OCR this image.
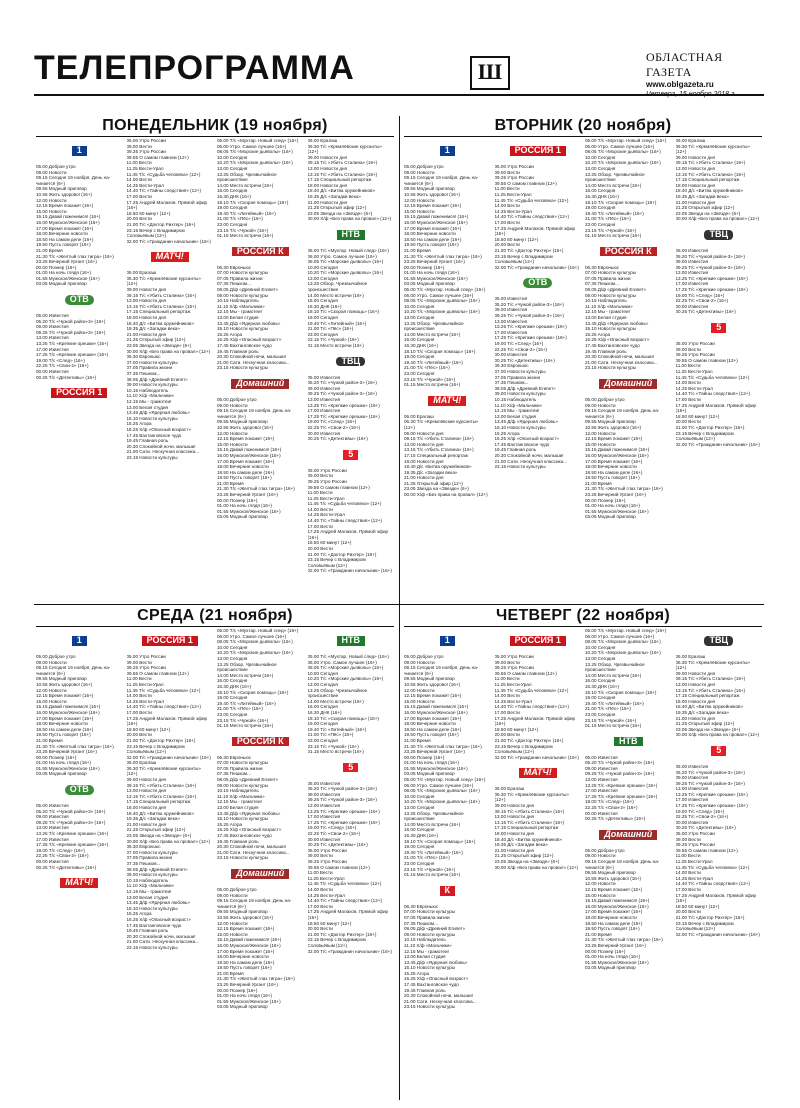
ТЕЛЕПРОГРАММА	Ш
ОБЛАСТНАЯ ГАЗЕТА
www.oblgazeta.ru
Четверг, 15 ноября 2018 г.
ПОНЕДЕЛЬНИК (19 ноября)
1
05.00 Доброе утро
09.00 Новости
09.15 Сегодня 19 ноября. День на-
чинается (6+)
09.55 Модный приговор
10.55 Жить здорово! (16+)
12.00 Новости
12.15 Время покажет (16+)
15.00 Новости
15.15 Давай поженимся! (16+)
16.00 Мужское/Женское (16+)
17.00 Время покажет (16+)
18.00 Вечерние новости
18.50 На самом деле (16+)
19.50 Пусть говорят (16+)
21.00 Время
21.30 Т/с «Желтый глаз тигра» (16+)
23.25 Вечерний Ургант (16+)
00.00 Познер (16+)
01.00 На ночь глядя (16+)
01.55 Мужское/Женское (16+)
03.05 Модный приговор
ОТВ
05.00 Известия
05.20 Т/с «Чужой район-3» (16+)
09.00 Известия
09.25 Т/с «Чужой район-3» (16+)
13.00 Известия
13.25 Т/с «Крепкие орешки» (16+)
17.00 Известия
17.25 Т/с «Крепкие орешки» (16+)
19.00 Т/с «След» (16+)
22.25 Т/с «Свои-2» (16+)
00.00 Известия
00.25 Т/с «Детективы» (16+)
РОССИЯ 1
05.00 Утро России
09.00 Вести
09.25 Утро России
09.55 О самом главном (12+)
11.00 Вести
11.25 Вести-Урал
11.45 Т/с «Судьба человека» (12+)
14.00 Вести
14.25 Вести-Урал
14.40 Т/с «Тайны следствия» (12+)
17.00 Вести
17.25 Андрей Малахов. Прямой эфир (16+)
18.50 60 минут (12+)
20.00 Вести
21.00 Т/с «Доктор Рихтер» (16+)
23.15 Вечер с Владимиром Соловьёвым (12+)
02.00 Т/с «Гражданин начальник» (16+)
МАТЧ!
06.00 Ералаш
06.30 Т/с «Кремлёвские курсанты» (12+)
09.00 Новости дня
09.15 Т/с «Убить Сталина» (16+)
13.00 Новости дня
13.15 Т/с «Убить Сталина» (16+)
17.15 Специальный репортаж
18.00 Новости дня
18.40 Д/с «Битва оружейников»
19.35 Д/с «Загадки века»
21.00 Новости дня
21.25 Открытый эфир (12+)
23.05 Звезда на «Звезде» (6+)
00.00 Х/ф «Без права на провал» (12+)
06.30 Евроньюс
07.00 Новости культуры
07.05 Правила жизни
07.35 Пешком...
08.05 Д/ф «Древний Египет»
09.00 Новости культуры
10.15 Наблюдатель
11.10 Х/ф «Мальчики»
12.15 Мы - грамотеи!
13.00 Белая студия
13.45 Д/ф «Ядерная любовь»
15.10 Новости культуры
15.25 Агора
16.25 Х/ф «Опасный возраст»
17.45 Вахтанговское чудо
19.45 Главная роль
20.30 Спокойной ночи, малыши!
21.00 Сати. Нескучная классика...
23.15 Новости культуры
05.00 Т/с «Мухтар. Новый след» (16+)
06.00 Утро. Самое лучшее (16+)
08.05 Т/с «Морские дьяволы» (16+)
10.00 Сегодня
10.20 Т/с «Морские дьяволы» (16+)
13.00 Сегодня
13.25 Обзор. Чрезвычайное происшествие
14.00 Место встречи (16+)
16.00 Сегодня
16.30 ДНК (16+)
18.10 Т/с «Скорая помощь» (16+)
19.00 Сегодня
19.40 Т/с «Литейный» (16+)
21.00 Т/с «Пёс» (16+)
23.00 Сегодня
23.15 Т/с «Чужой» (16+)
01.15 Место встречи (16+)
РОССИЯ К
06.30 Евроньюс
07.00 Новости культуры
07.05 Правила жизни
07.35 Пешком...
08.05 Д/ф «Древний Египет»
09.00 Новости культуры
10.15 Наблюдатель
11.10 Х/ф «Мальчики»
12.15 Мы - грамотеи!
13.00 Белая студия
13.45 Д/ф «Ядерная любовь»
15.10 Новости культуры
15.25 Агора
16.25 Х/ф «Опасный возраст»
17.45 Вахтанговское чудо
19.45 Главная роль
20.30 Спокойной ночи, малыши!
21.00 Сати. Нескучная классика...
23.15 Новости культуры
Домашний
05.00 Доброе утро
09.00 Новости
09.15 Сегодня 19 ноября. День на-
чинается (6+)
09.55 Модный приговор
10.55 Жить здорово! (16+)
12.00 Новости
12.15 Время покажет (16+)
15.00 Новости
15.15 Давай поженимся! (16+)
16.00 Мужское/Женское (16+)
17.00 Время покажет (16+)
18.00 Вечерние новости
18.50 На самом деле (16+)
19.50 Пусть говорят (16+)
21.00 Время
21.30 Т/с «Желтый глаз тигра» (16+)
23.25 Вечерний Ургант (16+)
00.00 Познер (16+)
01.00 На ночь глядя (16+)
01.55 Мужское/Женское (16+)
03.05 Модный приговор
06.00 Ералаш
06.30 Т/с «Кремлёвские курсанты» (12+)
09.00 Новости дня
09.15 Т/с «Убить Сталина» (16+)
13.00 Новости дня
13.15 Т/с «Убить Сталина» (16+)
17.15 Специальный репортаж
18.00 Новости дня
18.40 Д/с «Битва оружейников»
19.35 Д/с «Загадки века»
21.00 Новости дня
21.25 Открытый эфир (12+)
23.05 Звезда на «Звезде» (6+)
00.00 Х/ф «Без права на провал» (12+)
НТВ
05.00 Т/с «Мухтар. Новый след» (16+)
06.00 Утро. Самое лучшее (16+)
08.05 Т/с «Морские дьяволы» (16+)
10.00 Сегодня
10.20 Т/с «Морские дьяволы» (16+)
13.00 Сегодня
13.25 Обзор. Чрезвычайное происшествие
14.00 Место встречи (16+)
16.00 Сегодня
16.30 ДНК (16+)
18.10 Т/с «Скорая помощь» (16+)
19.00 Сегодня
19.40 Т/с «Литейный» (16+)
21.00 Т/с «Пёс» (16+)
23.00 Сегодня
23.15 Т/с «Чужой» (16+)
01.15 Место встречи (16+)
ТВЦ
05.00 Известия
05.20 Т/с «Чужой район-3» (16+)
09.00 Известия
09.25 Т/с «Чужой район-3» (16+)
13.00 Известия
13.25 Т/с «Крепкие орешки» (16+)
17.00 Известия
17.25 Т/с «Крепкие орешки» (16+)
19.00 Т/с «След» (16+)
22.25 Т/с «Свои-2» (16+)
00.00 Известия
00.25 Т/с «Детективы» (16+)
5
05.00 Утро России
09.00 Вести
09.25 Утро России
09.55 О самом главном (12+)
11.00 Вести
11.25 Вести-Урал
11.45 Т/с «Судьба человека» (12+)
14.00 Вести
14.25 Вести-Урал
14.40 Т/с «Тайны следствия» (12+)
17.00 Вести
17.25 Андрей Малахов. Прямой эфир (16+)
18.50 60 минут (12+)
20.00 Вести
21.00 Т/с «Доктор Рихтер» (16+)
23.15 Вечер с Владимиром Соловьёвым (12+)
02.00 Т/с «Гражданин начальник» (16+)
ВТОРНИК (20 ноября)
1
05.00 Доброе утро
09.00 Новости
09.15 Сегодня 19 ноября. День на-
чинается (6+)
09.55 Модный приговор
10.55 Жить здорово! (16+)
12.00 Новости
12.15 Время покажет (16+)
15.00 Новости
15.15 Давай поженимся! (16+)
16.00 Мужское/Женское (16+)
17.00 Время покажет (16+)
18.00 Вечерние новости
18.50 На самом деле (16+)
19.50 Пусть говорят (16+)
21.00 Время
21.30 Т/с «Желтый глаз тигра» (16+)
23.25 Вечерний Ургант (16+)
00.00 Познер (16+)
01.00 На ночь глядя (16+)
01.55 Мужское/Женское (16+)
03.05 Модный приговор
05.00 Т/с «Мухтар. Новый след» (16+)
06.00 Утро. Самое лучшее (16+)
08.05 Т/с «Морские дьяволы» (16+)
10.00 Сегодня
10.20 Т/с «Морские дьяволы» (16+)
13.00 Сегодня
13.25 Обзор. Чрезвычайное происшествие
14.00 Место встречи (16+)
16.00 Сегодня
16.30 ДНК (16+)
18.10 Т/с «Скорая помощь» (16+)
19.00 Сегодня
19.40 Т/с «Литейный» (16+)
21.00 Т/с «Пёс» (16+)
23.00 Сегодня
23.15 Т/с «Чужой» (16+)
01.15 Место встречи (16+)
МАТЧ!
06.00 Ералаш
06.30 Т/с «Кремлёвские курсанты» (12+)
09.00 Новости дня
09.15 Т/с «Убить Сталина» (16+)
13.00 Новости дня
13.15 Т/с «Убить Сталина» (16+)
17.15 Специальный репортаж
18.00 Новости дня
18.40 Д/с «Битва оружейников»
19.35 Д/с «Загадки века»
21.00 Новости дня
21.25 Открытый эфир (12+)
23.05 Звезда на «Звезде» (6+)
00.00 Х/ф «Без права на провал» (12+)
РОССИЯ 1
05.00 Утро России
09.00 Вести
09.25 Утро России
09.55 О самом главном (12+)
11.00 Вести
11.25 Вести-Урал
11.45 Т/с «Судьба человека» (12+)
14.00 Вести
14.25 Вести-Урал
14.40 Т/с «Тайны следствия» (12+)
17.00 Вести
17.25 Андрей Малахов. Прямой эфир (16+)
18.50 60 минут (12+)
20.00 Вести
21.00 Т/с «Доктор Рихтер» (16+)
23.15 Вечер с Владимиром Соловьёвым (12+)
02.00 Т/с «Гражданин начальник» (16+)
ОТВ
05.00 Известия
05.20 Т/с «Чужой район-3» (16+)
09.00 Известия
09.25 Т/с «Чужой район-3» (16+)
13.00 Известия
13.25 Т/с «Крепкие орешки» (16+)
17.00 Известия
17.25 Т/с «Крепкие орешки» (16+)
19.00 Т/с «След» (16+)
22.25 Т/с «Свои-2» (16+)
00.00 Известия
00.25 Т/с «Детективы» (16+)
06.30 Евроньюс
07.00 Новости культуры
07.05 Правила жизни
07.35 Пешком...
08.05 Д/ф «Древний Египет»
09.00 Новости культуры
10.15 Наблюдатель
11.10 Х/ф «Мальчики»
12.15 Мы - грамотеи!
13.00 Белая студия
13.45 Д/ф «Ядерная любовь»
15.10 Новости культуры
15.25 Агора
16.25 Х/ф «Опасный возраст»
17.45 Вахтанговское чудо
19.45 Главная роль
20.30 Спокойной ночи, малыши!
21.00 Сати. Нескучная классика...
23.15 Новости культуры
05.00 Т/с «Мухтар. Новый след» (16+)
06.00 Утро. Самое лучшее (16+)
08.05 Т/с «Морские дьяволы» (16+)
10.00 Сегодня
10.20 Т/с «Морские дьяволы» (16+)
13.00 Сегодня
13.25 Обзор. Чрезвычайное происшествие
14.00 Место встречи (16+)
16.00 Сегодня
16.30 ДНК (16+)
18.10 Т/с «Скорая помощь» (16+)
19.00 Сегодня
19.40 Т/с «Литейный» (16+)
21.00 Т/с «Пёс» (16+)
23.00 Сегодня
23.15 Т/с «Чужой» (16+)
01.15 Место встречи (16+)
РОССИЯ К
06.30 Евроньюс
07.00 Новости культуры
07.05 Правила жизни
07.35 Пешком...
08.05 Д/ф «Древний Египет»
09.00 Новости культуры
10.15 Наблюдатель
11.10 Х/ф «Мальчики»
12.15 Мы - грамотеи!
13.00 Белая студия
13.45 Д/ф «Ядерная любовь»
15.10 Новости культуры
15.25 Агора
16.25 Х/ф «Опасный возраст»
17.45 Вахтанговское чудо
19.45 Главная роль
20.30 Спокойной ночи, малыши!
21.00 Сати. Нескучная классика...
23.15 Новости культуры
Домашний
05.00 Доброе утро
09.00 Новости
09.15 Сегодня 19 ноября. День на-
чинается (6+)
09.55 Модный приговор
10.55 Жить здорово! (16+)
12.00 Новости
12.15 Время покажет (16+)
15.00 Новости
15.15 Давай поженимся! (16+)
16.00 Мужское/Женское (16+)
17.00 Время покажет (16+)
18.00 Вечерние новости
18.50 На самом деле (16+)
19.50 Пусть говорят (16+)
21.00 Время
21.30 Т/с «Желтый глаз тигра» (16+)
23.25 Вечерний Ургант (16+)
00.00 Познер (16+)
01.00 На ночь глядя (16+)
01.55 Мужское/Женское (16+)
03.05 Модный приговор
06.00 Ералаш
06.30 Т/с «Кремлёвские курсанты» (12+)
09.00 Новости дня
09.15 Т/с «Убить Сталина» (16+)
13.00 Новости дня
13.15 Т/с «Убить Сталина» (16+)
17.15 Специальный репортаж
18.00 Новости дня
18.40 Д/с «Битва оружейников»
19.35 Д/с «Загадки века»
21.00 Новости дня
21.25 Открытый эфир (12+)
23.05 Звезда на «Звезде» (6+)
00.00 Х/ф «Без права на провал» (12+)
ТВЦ
05.00 Известия
05.20 Т/с «Чужой район-3» (16+)
09.00 Известия
09.25 Т/с «Чужой район-3» (16+)
13.00 Известия
13.25 Т/с «Крепкие орешки» (16+)
17.00 Известия
17.25 Т/с «Крепкие орешки» (16+)
19.00 Т/с «След» (16+)
22.25 Т/с «Свои-2» (16+)
00.00 Известия
00.25 Т/с «Детективы» (16+)
5
05.00 Утро России
09.00 Вести
09.25 Утро России
09.55 О самом главном (12+)
11.00 Вести
11.25 Вести-Урал
11.45 Т/с «Судьба человека» (12+)
14.00 Вести
14.25 Вести-Урал
14.40 Т/с «Тайны следствия» (12+)
17.00 Вести
17.25 Андрей Малахов. Прямой эфир (16+)
18.50 60 минут (12+)
20.00 Вести
21.00 Т/с «Доктор Рихтер» (16+)
23.15 Вечер с Владимиром Соловьёвым (12+)
02.00 Т/с «Гражданин начальник» (16+)
СРЕДА (21 ноября)
1
05.00 Доброе утро
09.00 Новости
09.15 Сегодня 19 ноября. День на-
чинается (6+)
09.55 Модный приговор
10.55 Жить здорово! (16+)
12.00 Новости
12.15 Время покажет (16+)
15.00 Новости
15.15 Давай поженимся! (16+)
16.00 Мужское/Женское (16+)
17.00 Время покажет (16+)
18.00 Вечерние новости
18.50 На самом деле (16+)
19.50 Пусть говорят (16+)
21.00 Время
21.30 Т/с «Желтый глаз тигра» (16+)
23.25 Вечерний Ургант (16+)
00.00 Познер (16+)
01.00 На ночь глядя (16+)
01.55 Мужское/Женское (16+)
03.05 Модный приговор
ОТВ
05.00 Известия
05.20 Т/с «Чужой район-3» (16+)
09.00 Известия
09.25 Т/с «Чужой район-3» (16+)
13.00 Известия
13.25 Т/с «Крепкие орешки» (16+)
17.00 Известия
17.25 Т/с «Крепкие орешки» (16+)
19.00 Т/с «След» (16+)
22.25 Т/с «Свои-2» (16+)
00.00 Известия
00.25 Т/с «Детективы» (16+)
МАТЧ!
РОССИЯ 1
05.00 Утро России
09.00 Вести
09.25 Утро России
09.55 О самом главном (12+)
11.00 Вести
11.25 Вести-Урал
11.45 Т/с «Судьба человека» (12+)
14.00 Вести
14.25 Вести-Урал
14.40 Т/с «Тайны следствия» (12+)
17.00 Вести
17.25 Андрей Малахов. Прямой эфир (16+)
18.50 60 минут (12+)
20.00 Вести
21.00 Т/с «Доктор Рихтер» (16+)
23.15 Вечер с Владимиром Соловьёвым (12+)
02.00 Т/с «Гражданин начальник» (16+)
06.00 Ералаш
06.30 Т/с «Кремлёвские курсанты» (12+)
09.00 Новости дня
09.15 Т/с «Убить Сталина» (16+)
13.00 Новости дня
13.15 Т/с «Убить Сталина» (16+)
17.15 Специальный репортаж
18.00 Новости дня
18.40 Д/с «Битва оружейников»
19.35 Д/с «Загадки века»
21.00 Новости дня
21.25 Открытый эфир (12+)
23.05 Звезда на «Звезде» (6+)
00.00 Х/ф «Без права на провал» (12+)
06.30 Евроньюс
07.00 Новости культуры
07.05 Правила жизни
07.35 Пешком...
08.05 Д/ф «Древний Египет»
09.00 Новости культуры
10.15 Наблюдатель
11.10 Х/ф «Мальчики»
12.15 Мы - грамотеи!
13.00 Белая студия
13.45 Д/ф «Ядерная любовь»
15.10 Новости культуры
15.25 Агора
16.25 Х/ф «Опасный возраст»
17.45 Вахтанговское чудо
19.45 Главная роль
20.30 Спокойной ночи, малыши!
21.00 Сати. Нескучная классика...
23.15 Новости культуры
05.00 Т/с «Мухтар. Новый след» (16+)
06.00 Утро. Самое лучшее (16+)
08.05 Т/с «Морские дьяволы» (16+)
10.00 Сегодня
10.20 Т/с «Морские дьяволы» (16+)
13.00 Сегодня
13.25 Обзор. Чрезвычайное происшествие
14.00 Место встречи (16+)
16.00 Сегодня
16.30 ДНК (16+)
18.10 Т/с «Скорая помощь» (16+)
19.00 Сегодня
19.40 Т/с «Литейный» (16+)
21.00 Т/с «Пёс» (16+)
23.00 Сегодня
23.15 Т/с «Чужой» (16+)
01.15 Место встречи (16+)
РОССИЯ К
06.30 Евроньюс
07.00 Новости культуры
07.05 Правила жизни
07.35 Пешком...
08.05 Д/ф «Древний Египет»
09.00 Новости культуры
10.15 Наблюдатель
11.10 Х/ф «Мальчики»
12.15 Мы - грамотеи!
13.00 Белая студия
13.45 Д/ф «Ядерная любовь»
15.10 Новости культуры
15.25 Агора
16.25 Х/ф «Опасный возраст»
17.45 Вахтанговское чудо
19.45 Главная роль
20.30 Спокойной ночи, малыши!
21.00 Сати. Нескучная классика...
23.15 Новости культуры
Домашний
05.00 Доброе утро
09.00 Новости
09.15 Сегодня 19 ноября. День на-
чинается (6+)
09.55 Модный приговор
10.55 Жить здорово! (16+)
12.00 Новости
12.15 Время покажет (16+)
15.00 Новости
15.15 Давай поженимся! (16+)
16.00 Мужское/Женское (16+)
17.00 Время покажет (16+)
18.00 Вечерние новости
18.50 На самом деле (16+)
19.50 Пусть говорят (16+)
21.00 Время
21.30 Т/с «Желтый глаз тигра» (16+)
23.25 Вечерний Ургант (16+)
00.00 Познер (16+)
01.00 На ночь глядя (16+)
01.55 Мужское/Женское (16+)
03.05 Модный приговор
НТВ
05.00 Т/с «Мухтар. Новый след» (16+)
06.00 Утро. Самое лучшее (16+)
08.05 Т/с «Морские дьяволы» (16+)
10.00 Сегодня
10.20 Т/с «Морские дьяволы» (16+)
13.00 Сегодня
13.25 Обзор. Чрезвычайное происшествие
14.00 Место встречи (16+)
16.00 Сегодня
16.30 ДНК (16+)
18.10 Т/с «Скорая помощь» (16+)
19.00 Сегодня
19.40 Т/с «Литейный» (16+)
21.00 Т/с «Пёс» (16+)
23.00 Сегодня
23.15 Т/с «Чужой» (16+)
01.15 Место встречи (16+)
5
05.00 Известия
05.20 Т/с «Чужой район-3» (16+)
09.00 Известия
09.25 Т/с «Чужой район-3» (16+)
13.00 Известия
13.25 Т/с «Крепкие орешки» (16+)
17.00 Известия
17.25 Т/с «Крепкие орешки» (16+)
19.00 Т/с «След» (16+)
22.25 Т/с «Свои-2» (16+)
00.00 Известия
00.25 Т/с «Детективы» (16+)
05.00 Утро России
09.00 Вести
09.25 Утро России
09.55 О самом главном (12+)
11.00 Вести
11.25 Вести-Урал
11.45 Т/с «Судьба человека» (12+)
14.00 Вести
14.25 Вести-Урал
14.40 Т/с «Тайны следствия» (12+)
17.00 Вести
17.25 Андрей Малахов. Прямой эфир (16+)
18.50 60 минут (12+)
20.00 Вести
21.00 Т/с «Доктор Рихтер» (16+)
23.15 Вечер с Владимиром Соловьёвым (12+)
02.00 Т/с «Гражданин начальник» (16+)
ЧЕТВЕРГ (22 ноября)
1
05.00 Доброе утро
09.00 Новости
09.15 Сегодня 19 ноября. День на-
чинается (6+)
09.55 Модный приговор
10.55 Жить здорово! (16+)
12.00 Новости
12.15 Время покажет (16+)
15.00 Новости
15.15 Давай поженимся! (16+)
16.00 Мужское/Женское (16+)
17.00 Время покажет (16+)
18.00 Вечерние новости
18.50 На самом деле (16+)
19.50 Пусть говорят (16+)
21.00 Время
21.30 Т/с «Желтый глаз тигра» (16+)
23.25 Вечерний Ургант (16+)
00.00 Познер (16+)
01.00 На ночь глядя (16+)
01.55 Мужское/Женское (16+)
03.05 Модный приговор
05.00 Т/с «Мухтар. Новый след» (16+)
06.00 Утро. Самое лучшее (16+)
08.05 Т/с «Морские дьяволы» (16+)
10.00 Сегодня
10.20 Т/с «Морские дьяволы» (16+)
13.00 Сегодня
13.25 Обзор. Чрезвычайное происшествие
14.00 Место встречи (16+)
16.00 Сегодня
16.30 ДНК (16+)
18.10 Т/с «Скорая помощь» (16+)
19.00 Сегодня
19.40 Т/с «Литейный» (16+)
21.00 Т/с «Пёс» (16+)
23.00 Сегодня
23.15 Т/с «Чужой» (16+)
01.15 Место встречи (16+)
К
06.30 Евроньюс
07.00 Новости культуры
07.05 Правила жизни
07.35 Пешком...
08.05 Д/ф «Древний Египет»
09.00 Новости культуры
10.15 Наблюдатель
11.10 Х/ф «Мальчики»
12.15 Мы - грамотеи!
13.00 Белая студия
13.45 Д/ф «Ядерная любовь»
15.10 Новости культуры
15.25 Агора
16.25 Х/ф «Опасный возраст»
17.45 Вахтанговское чудо
19.45 Главная роль
20.30 Спокойной ночи, малыши!
21.00 Сати. Нескучная классика...
23.15 Новости культуры
РОССИЯ 1
05.00 Утро России
09.00 Вести
09.25 Утро России
09.55 О самом главном (12+)
11.00 Вести
11.25 Вести-Урал
11.45 Т/с «Судьба человека» (12+)
14.00 Вести
14.25 Вести-Урал
14.40 Т/с «Тайны следствия» (12+)
17.00 Вести
17.25 Андрей Малахов. Прямой эфир (16+)
18.50 60 минут (12+)
20.00 Вести
21.00 Т/с «Доктор Рихтер» (16+)
23.15 Вечер с Владимиром Соловьёвым (12+)
02.00 Т/с «Гражданин начальник» (16+)
МАТЧ!
06.00 Ералаш
06.30 Т/с «Кремлёвские курсанты» (12+)
09.00 Новости дня
09.15 Т/с «Убить Сталина» (16+)
13.00 Новости дня
13.15 Т/с «Убить Сталина» (16+)
17.15 Специальный репортаж
18.00 Новости дня
18.40 Д/с «Битва оружейников»
19.35 Д/с «Загадки века»
21.00 Новости дня
21.25 Открытый эфир (12+)
23.05 Звезда на «Звезде» (6+)
00.00 Х/ф «Без права на провал» (12+)
05.00 Т/с «Мухтар. Новый след» (16+)
06.00 Утро. Самое лучшее (16+)
08.05 Т/с «Морские дьяволы» (16+)
10.00 Сегодня
10.20 Т/с «Морские дьяволы» (16+)
13.00 Сегодня
13.25 Обзор. Чрезвычайное происшествие
14.00 Место встречи (16+)
16.00 Сегодня
16.30 ДНК (16+)
18.10 Т/с «Скорая помощь» (16+)
19.00 Сегодня
19.40 Т/с «Литейный» (16+)
21.00 Т/с «Пёс» (16+)
23.00 Сегодня
23.15 Т/с «Чужой» (16+)
01.15 Место встречи (16+)
НТВ
05.00 Известия
05.20 Т/с «Чужой район-3» (16+)
09.00 Известия
09.25 Т/с «Чужой район-3» (16+)
13.00 Известия
13.25 Т/с «Крепкие орешки» (16+)
17.00 Известия
17.25 Т/с «Крепкие орешки» (16+)
19.00 Т/с «След» (16+)
22.25 Т/с «Свои-2» (16+)
00.00 Известия
00.25 Т/с «Детективы» (16+)
Домашний
05.00 Доброе утро
09.00 Новости
09.15 Сегодня 19 ноября. День на-
чинается (6+)
09.55 Модный приговор
10.55 Жить здорово! (16+)
12.00 Новости
12.15 Время покажет (16+)
15.00 Новости
15.15 Давай поженимся! (16+)
16.00 Мужское/Женское (16+)
17.00 Время покажет (16+)
18.00 Вечерние новости
18.50 На самом деле (16+)
19.50 Пусть говорят (16+)
21.00 Время
21.30 Т/с «Желтый глаз тигра» (16+)
23.25 Вечерний Ургант (16+)
00.00 Познер (16+)
01.00 На ночь глядя (16+)
01.55 Мужское/Женское (16+)
03.05 Модный приговор
ТВЦ
06.00 Ералаш
06.30 Т/с «Кремлёвские курсанты» (12+)
09.00 Новости дня
09.15 Т/с «Убить Сталина» (16+)
13.00 Новости дня
13.15 Т/с «Убить Сталина» (16+)
17.15 Специальный репортаж
18.00 Новости дня
18.40 Д/с «Битва оружейников»
19.35 Д/с «Загадки века»
21.00 Новости дня
21.25 Открытый эфир (12+)
23.05 Звезда на «Звезде» (6+)
00.00 Х/ф «Без права на провал» (12+)
5
05.00 Известия
05.20 Т/с «Чужой район-3» (16+)
09.00 Известия
09.25 Т/с «Чужой район-3» (16+)
13.00 Известия
13.25 Т/с «Крепкие орешки» (16+)
17.00 Известия
17.25 Т/с «Крепкие орешки» (16+)
19.00 Т/с «След» (16+)
22.25 Т/с «Свои-2» (16+)
00.00 Известия
00.25 Т/с «Детективы» (16+)
05.00 Утро России
09.00 Вести
09.25 Утро России
09.55 О самом главном (12+)
11.00 Вести
11.25 Вести-Урал
11.45 Т/с «Судьба человека» (12+)
14.00 Вести
14.25 Вести-Урал
14.40 Т/с «Тайны следствия» (12+)
17.00 Вести
17.25 Андрей Малахов. Прямой эфир (16+)
18.50 60 минут (12+)
20.00 Вести
21.00 Т/с «Доктор Рихтер» (16+)
23.15 Вечер с Владимиром Соловьёвым (12+)
02.00 Т/с «Гражданин начальник» (16+)
